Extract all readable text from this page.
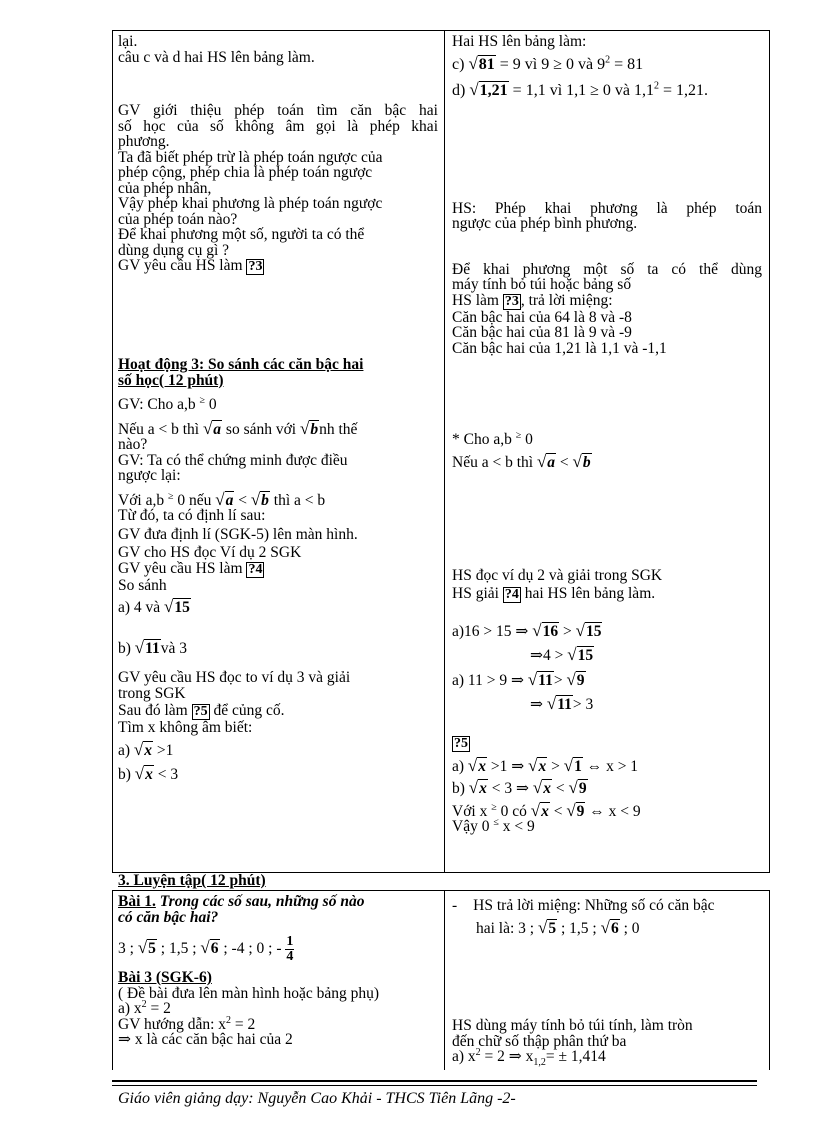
lại.
câu c và d hai HS lên bảng làm.
GV giới thiệu phép toán tìm căn bậc hai
số học của số không âm gọi là phép khai
phương.
Ta đã biết phép trừ là phép toán ngược của
phép cộng, phép chia là phép toán ngược
của phép nhân,
Vậy phép khai phương là phép toán ngược
của phép toán nào?
Để khai phương một số, người ta có thể
dùng dụng cụ gì ?
GV yêu cầu HS làm ?3
Hai HS lên bảng làm:
c) √81 = 9 vì 9 ≥ 0 và $9^2 = 81$
d) √1,21 = 1,1 vì 1,1 ≥ 0 và $1,1^2 = 1,21$.
HS: Phép khai phương là phép toán
ngược của phép bình phương.
Để khai phương một số ta có thể dùng
máy tính bỏ túi hoặc bảng số
HS làm ?3 , trả lời miệng:
Căn bậc hai của 64 là 8 và -8
Căn bậc hai của 81 là 9 và -9
Căn bậc hai của 1,21 là 1,1 và -1,1
Hoạt động 3: So sánh các căn bậc hai
số học( 12 phút)
GV: Cho a,b ≥ 0
Nếu a < b thì √a so sánh với √bnh thế
nào?
GV: Ta có thể chứng minh được điều
ngược lại:
Với a,b ≥ 0 nếu √a < √b thì a < b
Từ đó, ta có định lí sau:
GV đưa định lí (SGK-5) lên màn hình.
GV cho HS đọc Ví dụ 2 SGK
GV yêu cầu HS làm ?4
So sánh
a) 4 và √15
b) √11và 3
GV yêu cầu HS đọc to ví dụ 3 và giải
trong SGK
Sau đó làm ?5 để củng cố.
Tìm x không âm biết:
a) √x >1
b) √x < 3
* Cho a,b ≥ 0
Nếu a < b thì √a < √b
HS đọc ví dụ 2 và giải trong SGK
HS giải ?4 hai HS lên bảng làm.
a)16 > 15 ⇒ √16 > √15
⇒4 > √15
a) 11 > 9 ⇒ √11> √9
⇒ √11> 3
?5
a) √x >1 ⇒ √x > √1 ⇔ x > 1
b) √x < 3 ⇒ √x < √9
Với x ≥ 0 có √x < √9 ⇔ x < 9
Vậy 0 ≤ x < 9
3. Luyện tập( 12 phút)
Bài 1. Trong các số sau, những số nào
có căn bậc hai?
3 ; √5 ; 1,5 ; √6 ; -4 ; 0 ; - $\frac{1}{4}$
Bài 3 (SGK-6)
( Đề bài đưa lên màn hình hoặc bảng phụ)
a) $x^2 = 2$
GV hướng dẫn: $x^2 = 2$
⇒ x là các căn bậc hai của 2
- HS trả lời miệng: Những số có căn bậc
hai là: 3 ; √5 ; 1,5 ; √6 ; 0
HS dùng máy tính bỏ túi tính, làm tròn
đến chữ số thập phân thứ ba
a) $x^2 = 2$ ⇒ $x_{1,2}= \pm 1,414$
Giáo viên giảng dạy: Nguyễn Cao Khải - THCS Tiên Lãng -2-
